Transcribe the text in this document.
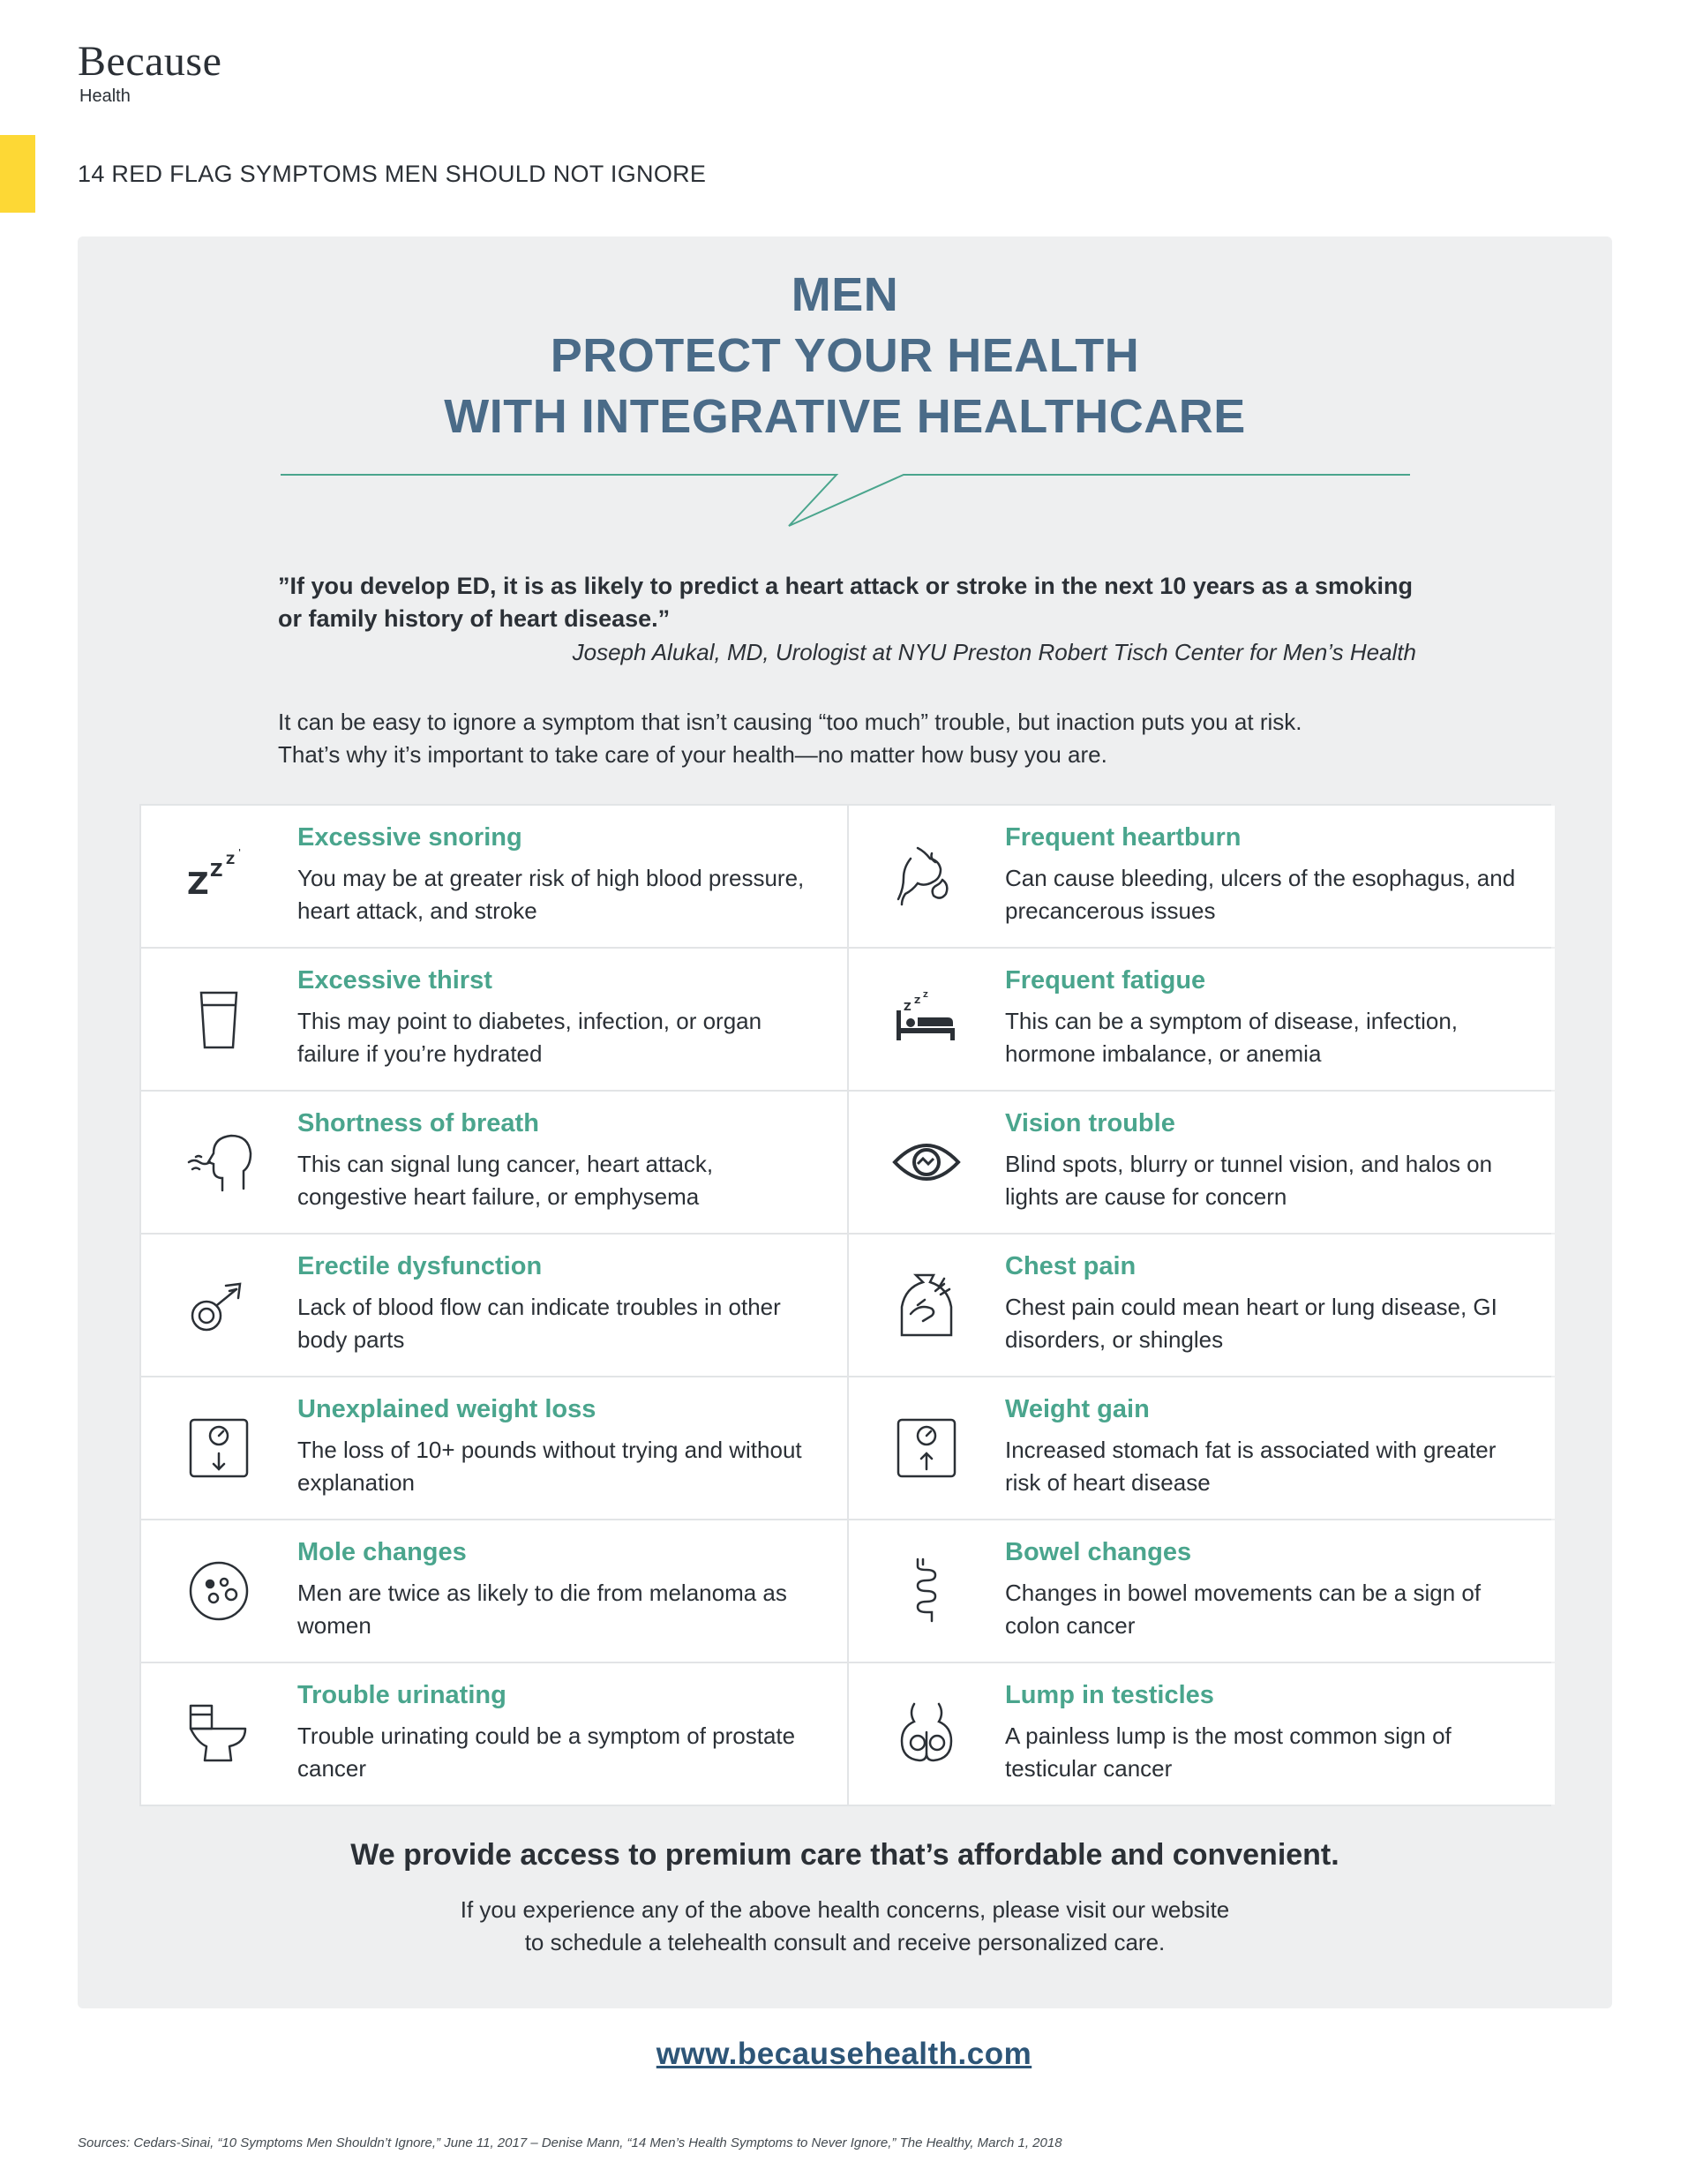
Because
Health
14 RED FLAG SYMPTOMS MEN SHOULD NOT IGNORE
MEN
PROTECT YOUR HEALTH
WITH INTEGRATIVE HEALTHCARE
”If you develop ED, it is as likely to predict a heart attack or stroke in the next 10 years as a smoking or family history of heart disease.”
Joseph Alukal, MD, Urologist at NYU Preston Robert Tisch Center for Men’s Health
It can be easy to ignore a symptom that isn’t causing “too much” trouble, but inaction puts you at risk.
That’s why it’s important to take care of your health—no matter how busy you are.
Z Z Z
'
Excessive snoring
You may be at greater risk of high blood pressure, heart attack, and stroke
Frequent heartburn
Can cause bleeding, ulcers of the esophagus, and precancerous issues
Excessive thirst
This may point to diabetes, infection, or organ failure if you’re hydrated
Z Z
Z
Frequent fatigue
This can be a symptom of disease, infection, hormone imbalance, or anemia
Shortness of breath
This can signal lung cancer, heart attack, congestive heart failure, or emphysema
Vision trouble
Blind spots, blurry or tunnel vision, and halos on lights are cause for concern
Erectile dysfunction
Lack of blood flow can indicate troubles in other body parts
Chest pain
Chest pain could mean heart or lung disease, GI disorders, or shingles
Unexplained weight loss
The loss of 10+ pounds without trying and without explanation
Weight gain
Increased stomach fat is associated with greater risk of heart disease
Mole changes
Men are twice as likely to die from melanoma as women
Bowel changes
Changes in bowel movements can be a sign of colon cancer
Trouble urinating
Trouble urinating could be a symptom of prostate cancer
Lump in testicles
A painless lump is the most common sign of testicular cancer
We provide access to premium care that’s affordable and convenient.
If you experience any of the above health concerns, please visit our website
to schedule a telehealth consult and receive personalized care.
www.becausehealth.com
Sources: Cedars-Sinai, “10 Symptoms Men Shouldn’t Ignore,” June 11, 2017 – Denise Mann, “14 Men’s Health Symptoms to Never Ignore,” The Healthy, March 1, 2018
